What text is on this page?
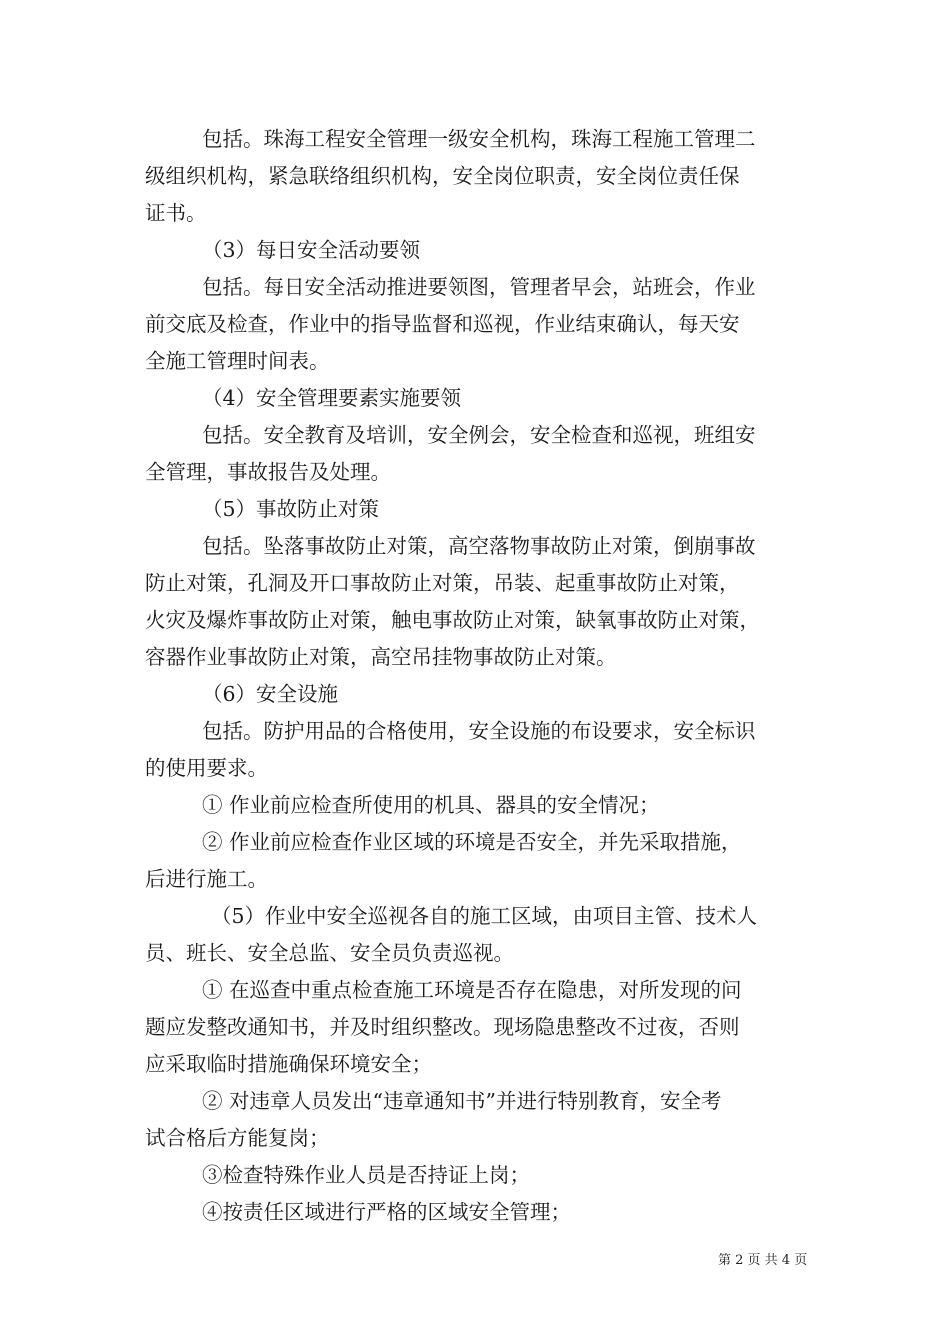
包括。珠海工程安全管理一级安全机构，珠海工程施工管理二
级组织机构，紧急联络组织机构，安全岗位职责，安全岗位责任保
证书。
（3）每日安全活动要领
包括。每日安全活动推进要领图，管理者早会，站班会，作业
前交底及检查，作业中的指导监督和巡视，作业结束确认，每天安
全施工管理时间表。
（4）安全管理要素实施要领
包括。安全教育及培训，安全例会，安全检查和巡视，班组安
全管理，事故报告及处理。
（5）事故防止对策
包括。坠落事故防止对策，高空落物事故防止对策，倒崩事故
防止对策，孔洞及开口事故防止对策，吊装、起重事故防止对策，
火灾及爆炸事故防止对策，触电事故防止对策，缺氧事故防止对策，
容器作业事故防止对策，高空吊挂物事故防止对策。
（6）安全设施
包括。防护用品的合格使用，安全设施的布设要求，安全标识
的使用要求。
① 作业前应检查所使用的机具、器具的安全情况；
② 作业前应检查作业区域的环境是否安全，并先采取措施，
后进行施工。
（5）作业中安全巡视各自的施工区域，由项目主管、技术人
员、班长、安全总监、安全员负责巡视。
① 在巡查中重点检查施工环境是否存在隐患，对所发现的问
题应发整改通知书，并及时组织整改。现场隐患整改不过夜，否则
应采取临时措施确保环境安全；
② 对违章人员发出“违章通知书”并进行特别教育，安全考
试合格后方能复岗；
③检查特殊作业人员是否持证上岗；
④按责任区域进行严格的区域安全管理；
第 2 页 共 4 页
